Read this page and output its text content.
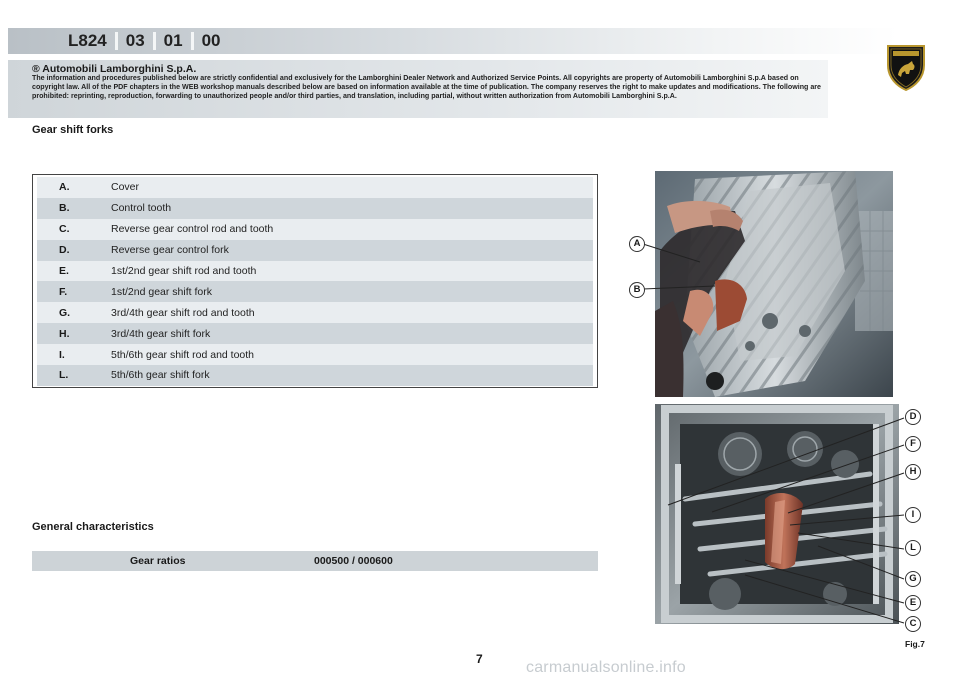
L824	03	01	00
® Automobili Lamborghini S.p.A.
The information and procedures published below are strictly confidential and exclusively for the Lamborghini Dealer Network and Authorized Service Points. All copyrights are property of Automobili Lamborghini S.p.A based on copyright law. All of the PDF chapters in the WEB workshop manuals described below are based on information available at the time of publication. The company reserves the right to make updates and modifications. The following are prohibited: reprinting, reproduction, forwarding to unauthorized people and/or third parties, and translation, including partial, without written authorization from Automobili Lamborghini S.p.A.
Gear shift forks
A.	Cover
B.	Control tooth
C.	Reverse gear control rod and tooth
D.	Reverse gear control fork
E.	1st/2nd gear shift rod and tooth
F.	1st/2nd gear shift fork
G.	3rd/4th gear shift rod and tooth
H.	3rd/4th gear shift fork
I.	5th/6th gear shift rod and tooth
L.	5th/6th gear shift fork
General characteristics
Gear ratios	000500 / 000600
A
B
D
F
H
I
L
G
E
C
Fig.7
7	carmanualsonline.info
